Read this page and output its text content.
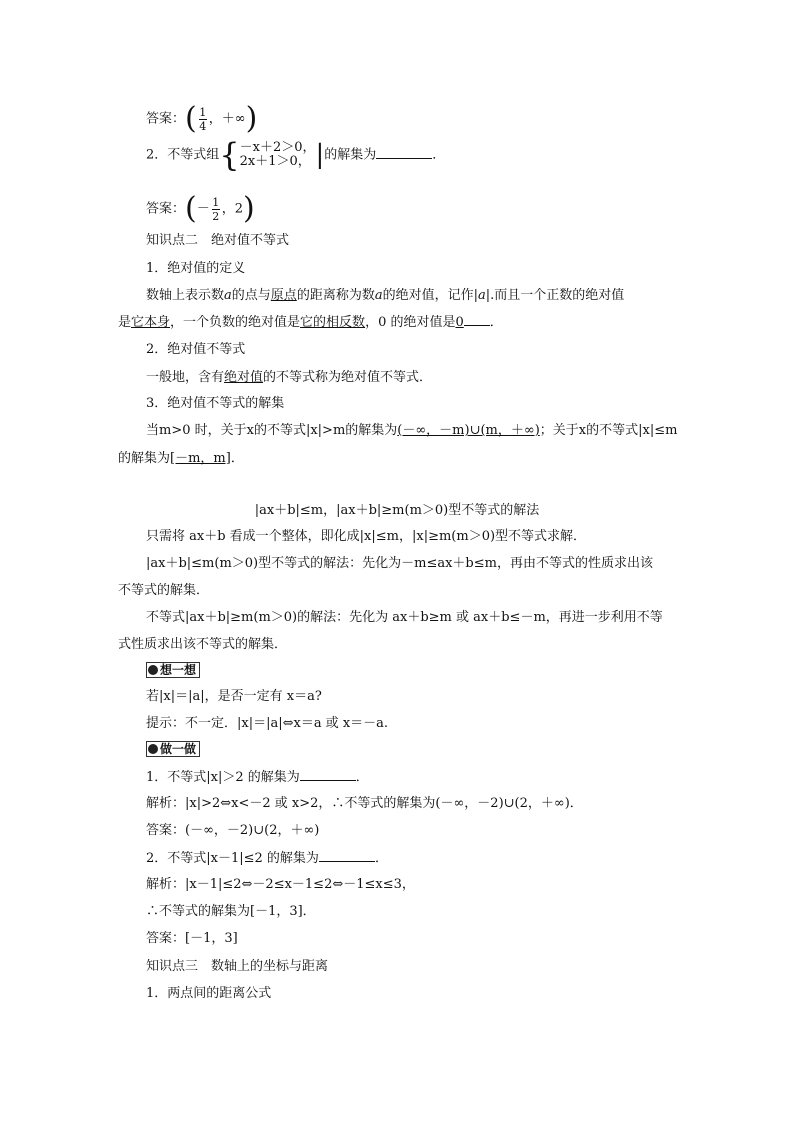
答案：( $\frac{1}{4}$ ，＋∞)
2．不等式组{ －x＋2＞0，
2x＋1＞0， |的解集为	．
答案：(－ $\frac{1}{2}$ ，2)
知识点二　绝对值不等式
1．绝对值的定义
数轴上表示数a的点与原点的距离称为数a的绝对值，记作|a|.而且一个正数的绝对值
是它本身，一个负数的绝对值是它的相反数，0 的绝对值是0 ．
2．绝对值不等式
一般地，含有绝对值的不等式称为绝对值不等式．
3．绝对值不等式的解集
当m>0 时，关于x的不等式|x|>m的解集为(－∞，－m)∪(m，＋∞)；关于x的不等式|x|≤m
的解集为[－m，m]．
|ax＋b|≤m，|ax＋b|≥m(m＞0)型不等式的解法
只需将 ax＋b 看成一个整体，即化成|x|≤m，|x|≥m(m＞0)型不等式求解．
|ax＋b|≤m(m＞0)型不等式的解法：先化为－m≤ax＋b≤m，再由不等式的性质求出该
不等式的解集．
不等式|ax＋b|≥m(m＞0)的解法：先化为 ax＋b≥m 或 ax＋b≤－m，再进一步利用不等
式性质求出该不等式的解集．
想一想
若|x|＝|a|，是否一定有 x＝a?
提示：不一定．|x|＝|a|⇔x＝a 或 x＝－a.
做一做
1．不等式|x|＞2 的解集为	．
解析：|x|>2⇔x<－2 或 x>2，∴不等式的解集为(－∞，－2)∪(2，＋∞)．
答案：(－∞，－2)∪(2，＋∞)
2．不等式|x－1|≤2 的解集为	．
解析：|x－1|≤2⇔－2≤x－1≤2⇔－1≤x≤3，
∴不等式的解集为[－1，3]．
答案：[－1，3]
知识点三　数轴上的坐标与距离
1．两点间的距离公式
